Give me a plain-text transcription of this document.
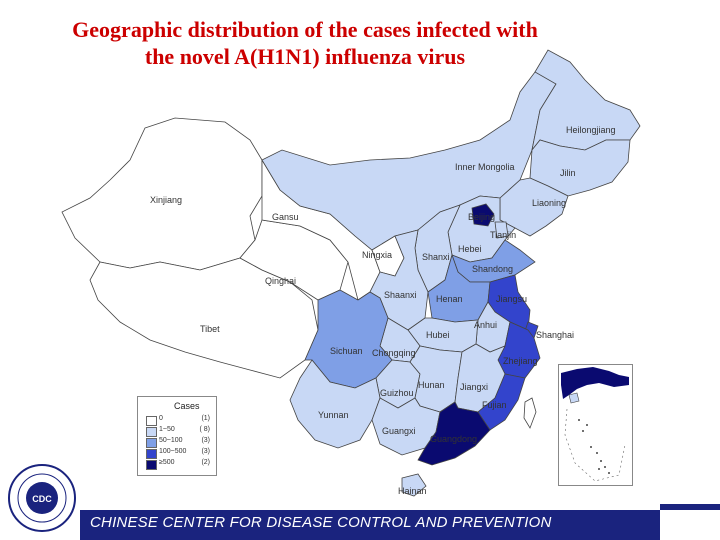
Geographic distribution of the cases infected with
the novel A(H1N1) influenza virus
Xinjiang
Tibet
Qinghai
Gansu
Inner Mongolia
Heilongjiang
Jilin
Liaoning
Beijing
Tianjin
Hebei
Shandong
Ningxia	Shanxi
Shaanxi Henan	Jiangsu
Anhui
Shanghai
Sichuan Chongqing
Hubei
Zhejiang
Guizhou
Hunan Jiangxi
Fujian
Yunnan
Guangxi
Guangdong
Hainan
Cases
0	(1)
1~50	( 8)
50~100	(3)
100~500 (3)
≥500	(2)
CDC
CHINESE CENTER FOR DISEASE CONTROL AND PREVENTION
